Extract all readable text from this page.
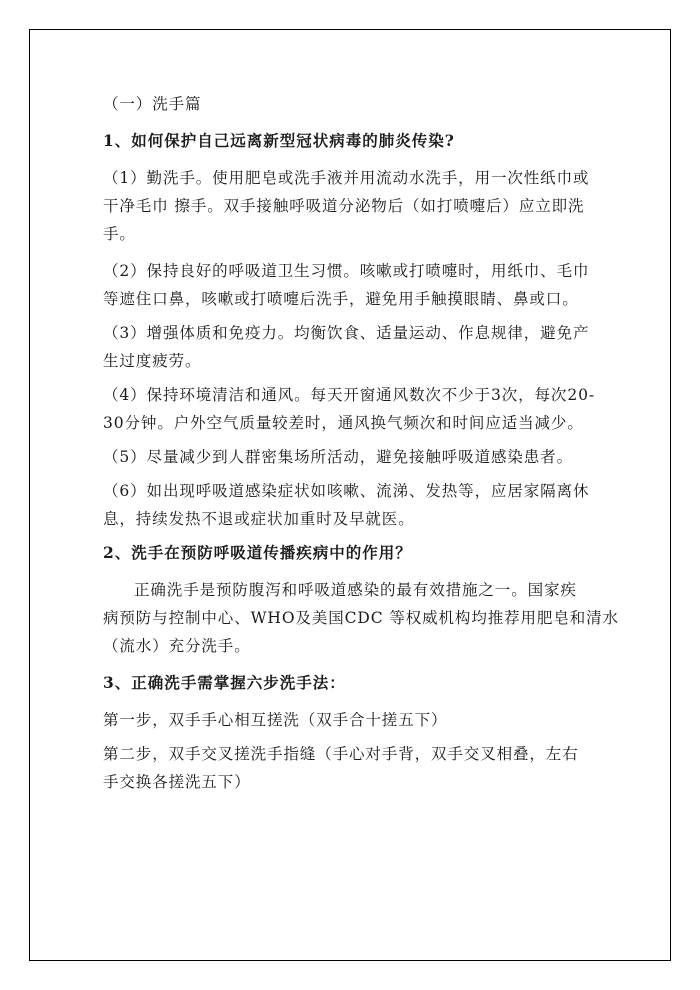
（一）洗手篇

1、如何保护自己远离新型冠状病毒的肺炎传染?

（1）勤洗手。使用肥皂或洗手液并用流动水洗手，用一次性纸巾或

干净毛巾 擦手。双手接触呼吸道分泌物后（如打喷嚏后）应立即洗

手。

（2）保持良好的呼吸道卫生习惯。咳嗽或打喷嚏时，用纸巾、毛巾

等遮住口鼻，咳嗽或打喷嚏后洗手，避免用手触摸眼睛、鼻或口。

（3）增强体质和免疫力。均衡饮食、适量运动、作息规律，避免产

生过度疲劳。

（4）保持环境清洁和通风。每天开窗通风数次不少于3次，每次20-

30分钟。户外空气质量较差时，通风换气频次和时间应适当减少。

（5）尽量减少到人群密集场所活动，避免接触呼吸道感染患者。

（6）如出现呼吸道感染症状如咳嗽、流涕、发热等，应居家隔离休

息，持续发热不退或症状加重时及早就医。

2、洗手在预防呼吸道传播疾病中的作用？

正确洗手是预防腹泻和呼吸道感染的最有效措施之一。国家疾

病预防与控制中心、WHO及美国CDC 等权威机构均推荐用肥皂和清水

（流水）充分洗手。

3、正确洗手需掌握六步洗手法：

第一步，双手手心相互搓洗（双手合十搓五下）

第二步，双手交叉搓洗手指缝（手心对手背，双手交叉相叠，左右

手交换各搓洗五下）
